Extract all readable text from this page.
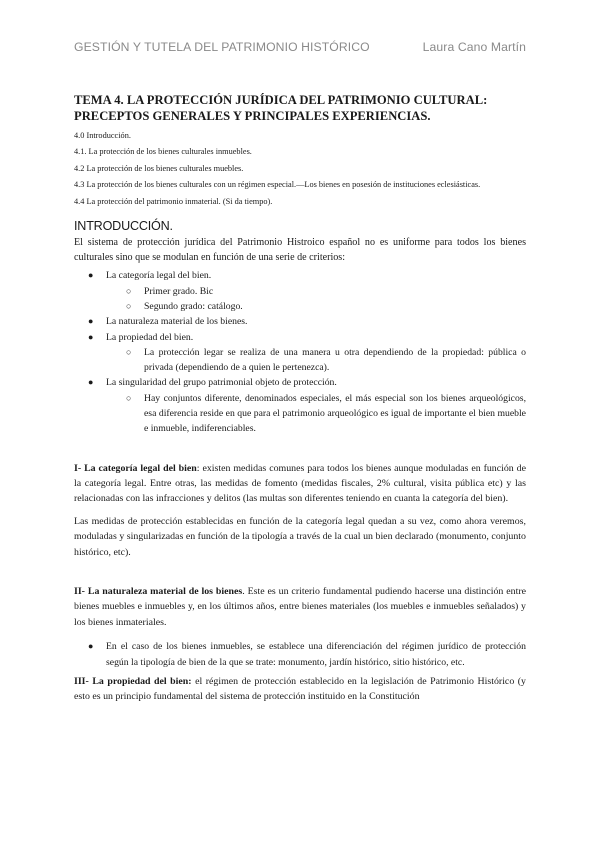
GESTIÓN Y TUTELA DEL PATRIMONIO HISTÓRICO	Laura Cano Martín
TEMA 4. LA PROTECCIÓN JURÍDICA DEL PATRIMONIO CULTURAL:
PRECEPTOS GENERALES Y PRINCIPALES EXPERIENCIAS.

4.0 Introducción.

4.1. La protección de los bienes culturales inmuebles.

4.2 La protección de los bienes culturales muebles.

4.3 La protección de los bienes culturales con un régimen especial.—Los bienes en posesión de instituciones eclesiásticas.

4.4 La protección del patrimonio inmaterial. (Si da tiempo).

INTRODUCCIÓN.

El sistema de protección jurídica del Patrimonio Histroico español no es uniforme para todos los bienes culturales sino que se modulan en función de una serie de criterios:

● La categoría legal del bien.
○ Primer grado. Bic
○ Segundo grado: catálogo.
● La naturaleza material de los bienes.
● La propiedad del bien.
○ La protección legar se realiza de una manera u otra dependiendo de la propiedad: pública o privada (dependiendo de a quien le pertenezca).
● La singularidad del grupo patrimonial objeto de protección.
○ Hay conjuntos diferente, denominados especiales, el más especial son los bienes arqueológicos, esa diferencia reside en que para el patrimonio arqueológico es igual de importante el bien mueble e inmueble, indiferenciables.

I- La categoría legal del bien: existen medidas comunes para todos los bienes aunque moduladas en función de la categoría legal. Entre otras, las medidas de fomento (medidas fiscales, 2% cultural, visita pública etc) y las relacionadas con las infracciones y delitos (las multas son diferentes teniendo en cuanta la categoría del bien).

Las medidas de protección establecidas en función de la categoría legal quedan a su vez, como ahora veremos, moduladas y singularizadas en función de la tipología a través de la cual un bien declarado (monumento, conjunto histórico, etc).

II- La naturaleza material de los bienes. Este es un criterio fundamental pudiendo hacerse una distinción entre bienes muebles e inmuebles y, en los últimos años, entre bienes materiales (los muebles e inmuebles señalados) y los bienes inmateriales.

● En el caso de los bienes inmuebles, se establece una diferenciación del régimen jurídico de protección según la tipología de bien de la que se trate: monumento, jardín histórico, sitio histórico, etc.

III- La propiedad del bien: el régimen de protección establecido en la legislación de Patrimonio Histórico (y esto es un principio fundamental del sistema de protección instituido en la Constitución
